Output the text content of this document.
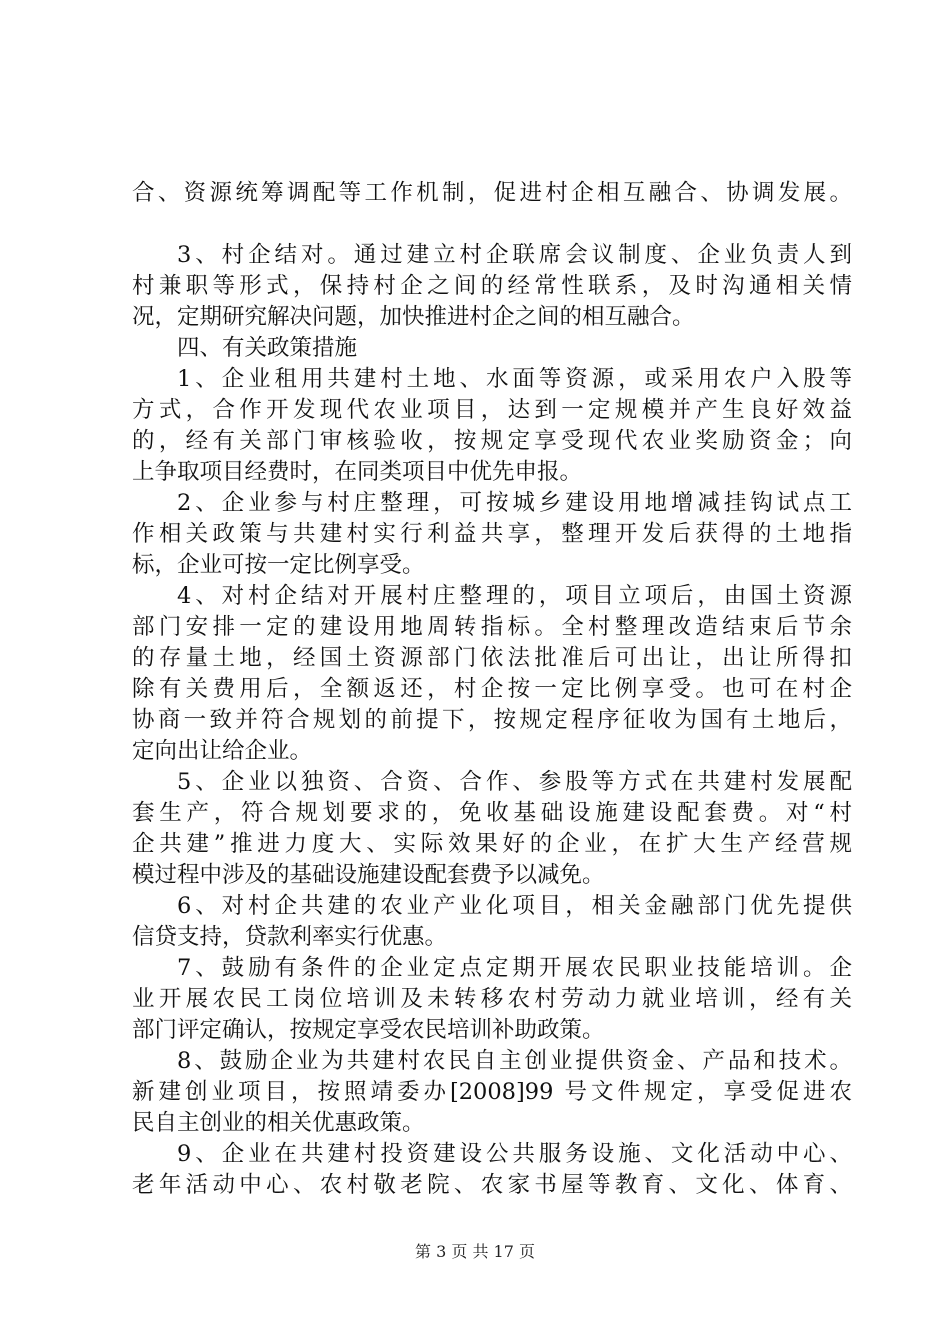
合、资源统筹调配等工作机制，促进村企相互融合、协调发展。
3、村企结对。通过建立村企联席会议制度、企业负责人到
村兼职等形式，保持村企之间的经常性联系，及时沟通相关情
况，定期研究解决问题，加快推进村企之间的相互融合。
四、有关政策措施
1、企业租用共建村土地、水面等资源，或采用农户入股等
方式，合作开发现代农业项目，达到一定规模并产生良好效益
的，经有关部门审核验收，按规定享受现代农业奖励资金；向
上争取项目经费时，在同类项目中优先申报。
2、企业参与村庄整理，可按城乡建设用地增减挂钩试点工
作相关政策与共建村实行利益共享，整理开发后获得的土地指
标，企业可按一定比例享受。
4、对村企结对开展村庄整理的，项目立项后，由国土资源
部门安排一定的建设用地周转指标。全村整理改造结束后节余
的存量土地，经国土资源部门依法批准后可出让，出让所得扣
除有关费用后，全额返还，村企按一定比例享受。也可在村企
协商一致并符合规划的前提下，按规定程序征收为国有土地后，
定向出让给企业。
5、企业以独资、合资、合作、参股等方式在共建村发展配
套生产，符合规划要求的，免收基础设施建设配套费。对“村
企共建”推进力度大、实际效果好的企业，在扩大生产经营规
模过程中涉及的基础设施建设配套费予以减免。
6、对村企共建的农业产业化项目，相关金融部门优先提供
信贷支持，贷款利率实行优惠。
7、鼓励有条件的企业定点定期开展农民职业技能培训。企
业开展农民工岗位培训及未转移农村劳动力就业培训，经有关
部门评定确认，按规定享受农民培训补助政策。
8、鼓励企业为共建村农民自主创业提供资金、产品和技术。
新建创业项目，按照靖委办[2008]99 号文件规定，享受促进农
民自主创业的相关优惠政策。
9、企业在共建村投资建设公共服务设施、文化活动中心、
老年活动中心、农村敬老院、农家书屋等教育、文化、体育、
第 3 页 共 17 页
